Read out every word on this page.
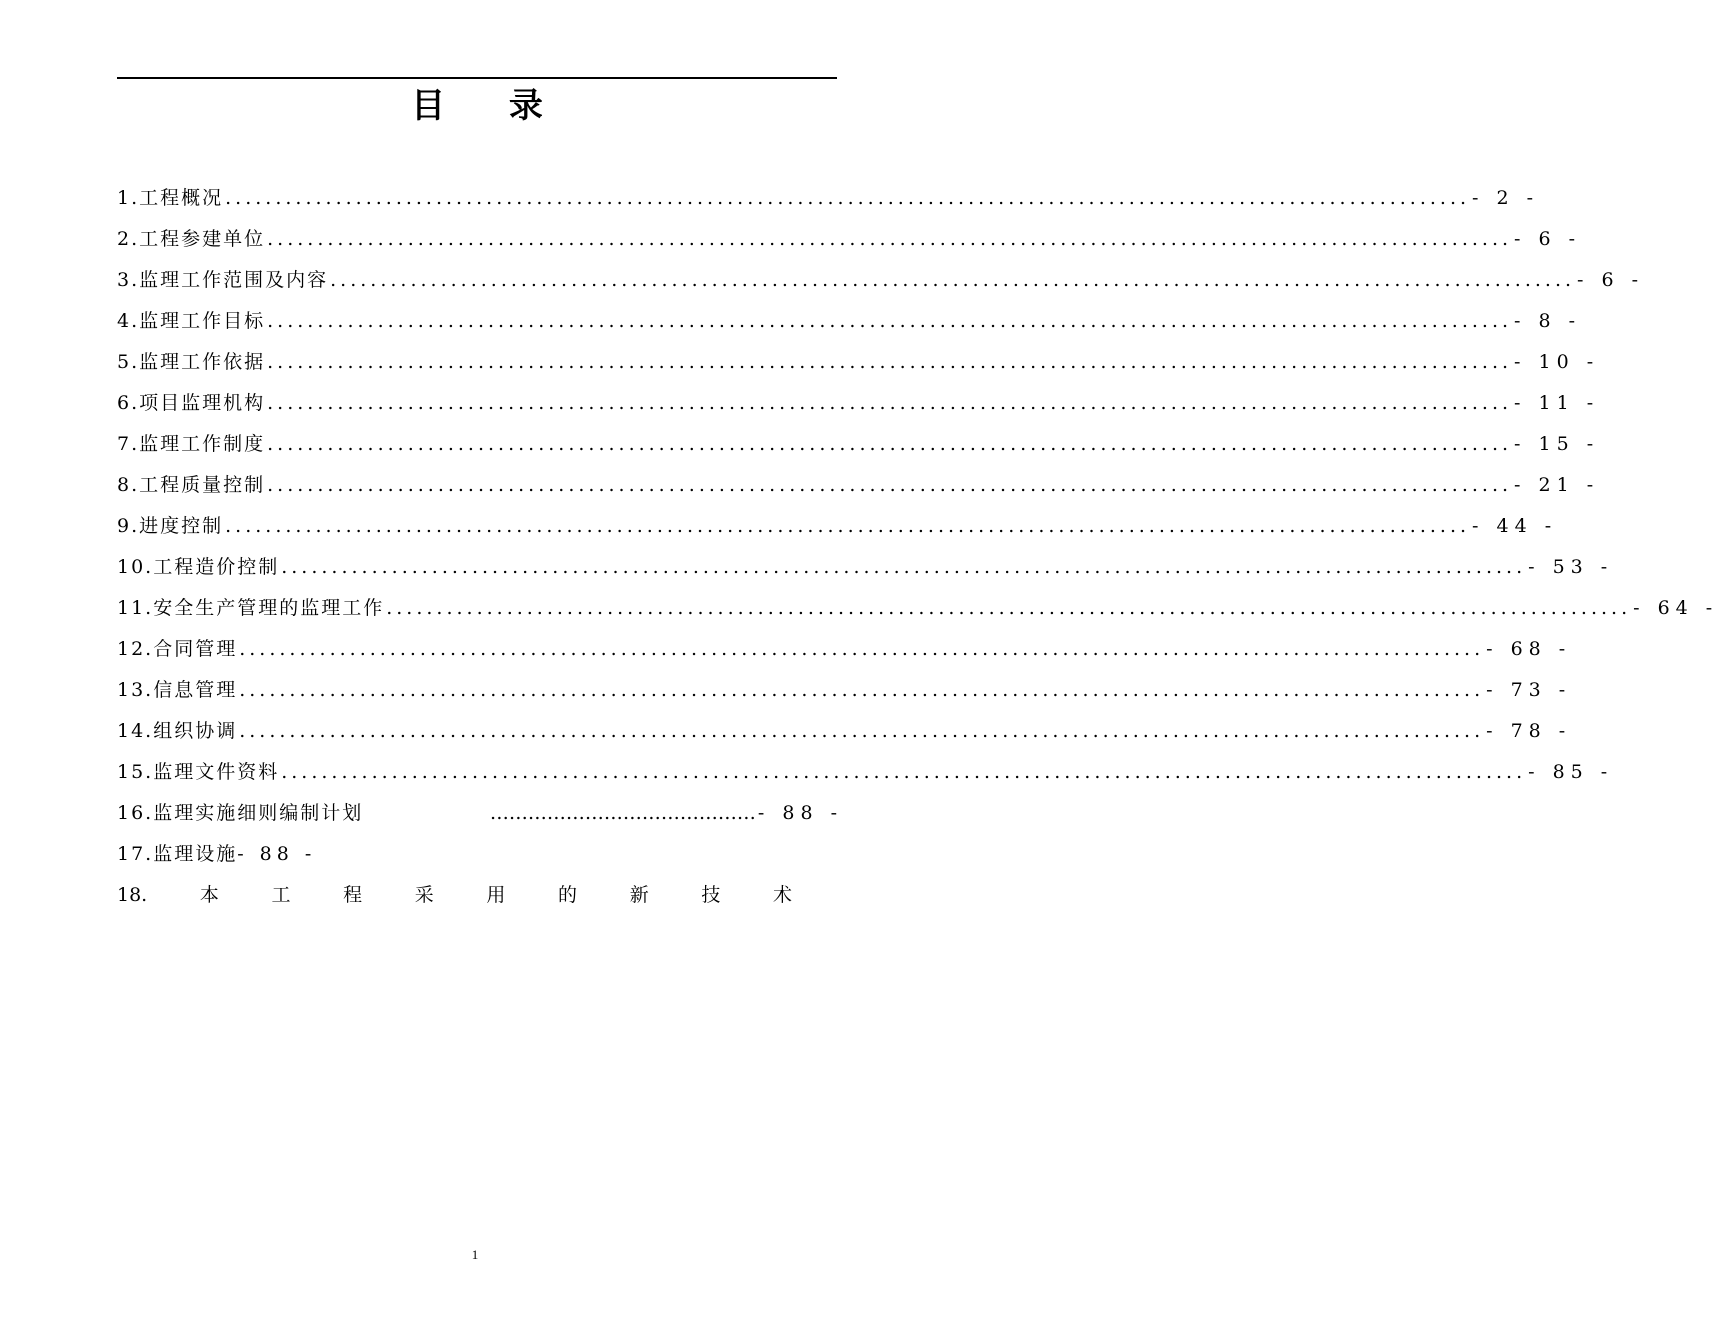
目 录
1.工程概况 ............................................................................................................................ - 2 -
2.工程参建单位 ............................................................................................................................ - 6 -
3.监理工作范围及内容 ............................................................................................................................ - 6 -
4.监理工作目标 ............................................................................................................................ - 8 -
5.监理工作依据 ............................................................................................................................ - 10 -
6.项目监理机构 ............................................................................................................................ - 11 -
7.监理工作制度 ............................................................................................................................ - 15 -
8.工程质量控制 ............................................................................................................................ - 21 -
9.进度控制 ............................................................................................................................ - 44 -
10.工程造价控制 ............................................................................................................................ - 53 -
11.安全生产管理的监理工作 ............................................................................................................................ - 64 -
12.合同管理 ............................................................................................................................ - 68 -
13.信息管理 ............................................................................................................................ - 73 -
14.组织协调 ............................................................................................................................ - 78 -
15.监理文件资料 ............................................................................................................................ - 85 -
16.监理实施细则编制计划	…………………………………… - 88 -
17.监理设施 - 88 -
18.	本	工	程	采	用	的	新	技	术
1
